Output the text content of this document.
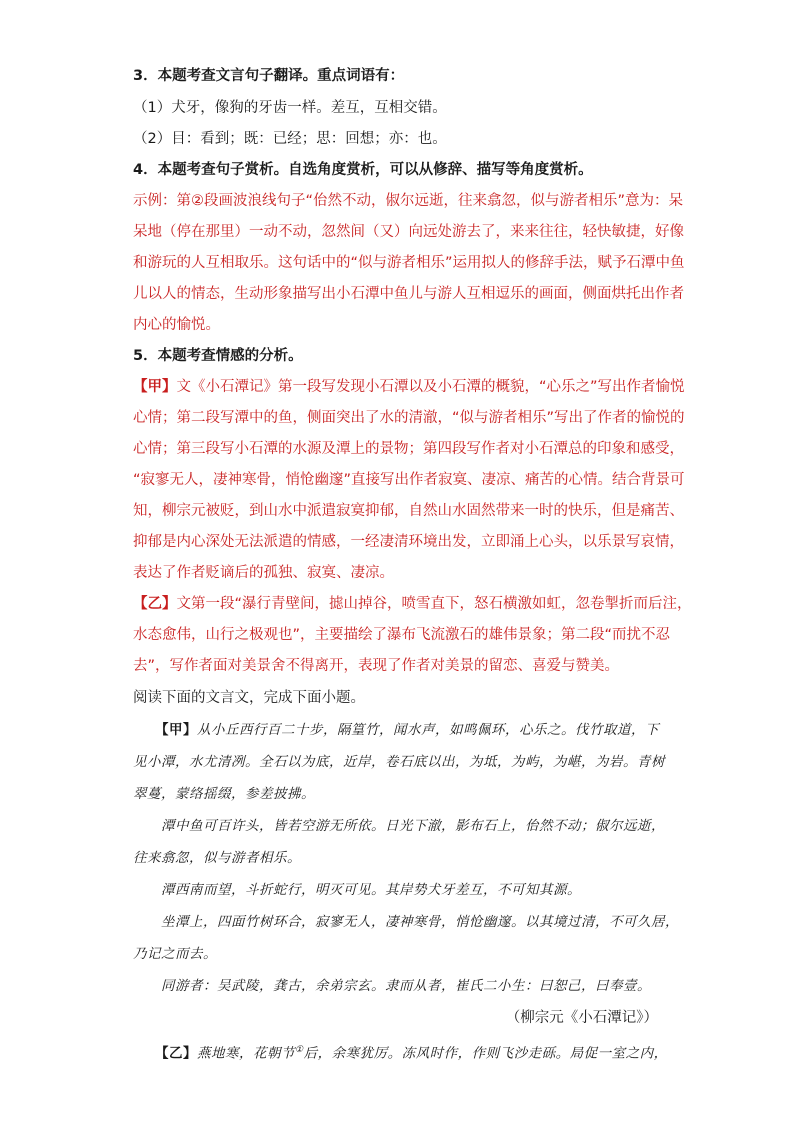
3．本题考查文言句子翻译。重点词语有：
（1）犬牙，像狗的牙齿一样。差互，互相交错。
（2）目：看到；既：已经；思：回想；亦：也。
4．本题考查句子赏析。自选角度赏析，可以从修辞、描写等角度赏析。
示例：第②段画波浪线句子“佁然不动，俶尔远逝，往来翕忽，似与游者相乐”意为：呆
呆地（停在那里）一动不动，忽然间（又）向远处游去了，来来往往，轻快敏捷，好像
和游玩的人互相取乐。这句话中的“似与游者相乐”运用拟人的修辞手法，赋予石潭中鱼
儿以人的情态，生动形象描写出小石潭中鱼儿与游人互相逗乐的画面，侧面烘托出作者
内心的愉悦。
5．本题考查情感的分析。
【甲】文《小石潭记》第一段写发现小石潭以及小石潭的概貌，“心乐之”写出作者愉悦
心情；第二段写潭中的鱼，侧面突出了水的清澈，“似与游者相乐”写出了作者的愉悦的
心情；第三段写小石潭的水源及潭上的景物；第四段写作者对小石潭总的印象和感受，
“寂寥无人，凄神寒骨，悄怆幽邃”直接写出作者寂寞、凄凉、痛苦的心情。结合背景可
知，柳宗元被贬，到山水中派遣寂寞抑郁，自然山水固然带来一时的快乐，但是痛苦、
抑郁是内心深处无法派遣的情感，一经凄清环境出发，立即涌上心头，以乐景写哀情，
表达了作者贬谪后的孤独、寂寞、凄凉。
【乙】文第一段“瀑行青壁间，摅山掉谷，喷雪直下，怒石横激如虹，忽卷掣折而后注，
水态愈伟，山行之极观也”，主要描绘了瀑布飞流激石的雄伟景象；第二段“而扰不忍
去”，写作者面对美景舍不得离开，表现了作者对美景的留恋、喜爱与赞美。
阅读下面的文言文，完成下面小题。
【甲】从小丘西行百二十步，隔篁竹，闻水声，如鸣佩环，心乐之。伐竹取道，下
见小潭，水尤清冽。全石以为底，近岸，卷石底以出，为坻，为屿，为嵁，为岩。青树
翠蔓，蒙络摇缀，参差披拂。
潭中鱼可百许头，皆若空游无所依。日光下澈，影布石上，佁然不动；俶尔远逝，
往来翕忽，似与游者相乐。
潭西南而望，斗折蛇行，明灭可见。其岸势犬牙差互，不可知其源。
坐潭上，四面竹树环合，寂寥无人，凄神寒骨，悄怆幽邃。以其境过清，不可久居，
乃记之而去。
同游者：吴武陵，龚古，余弟宗玄。隶而从者，崔氏二小生：曰恕己，曰奉壹。
（柳宗元《小石潭记》）
【乙】燕地寒，花朝节①后，余寒犹厉。冻风时作，作则飞沙走砾。局促一室之内，
